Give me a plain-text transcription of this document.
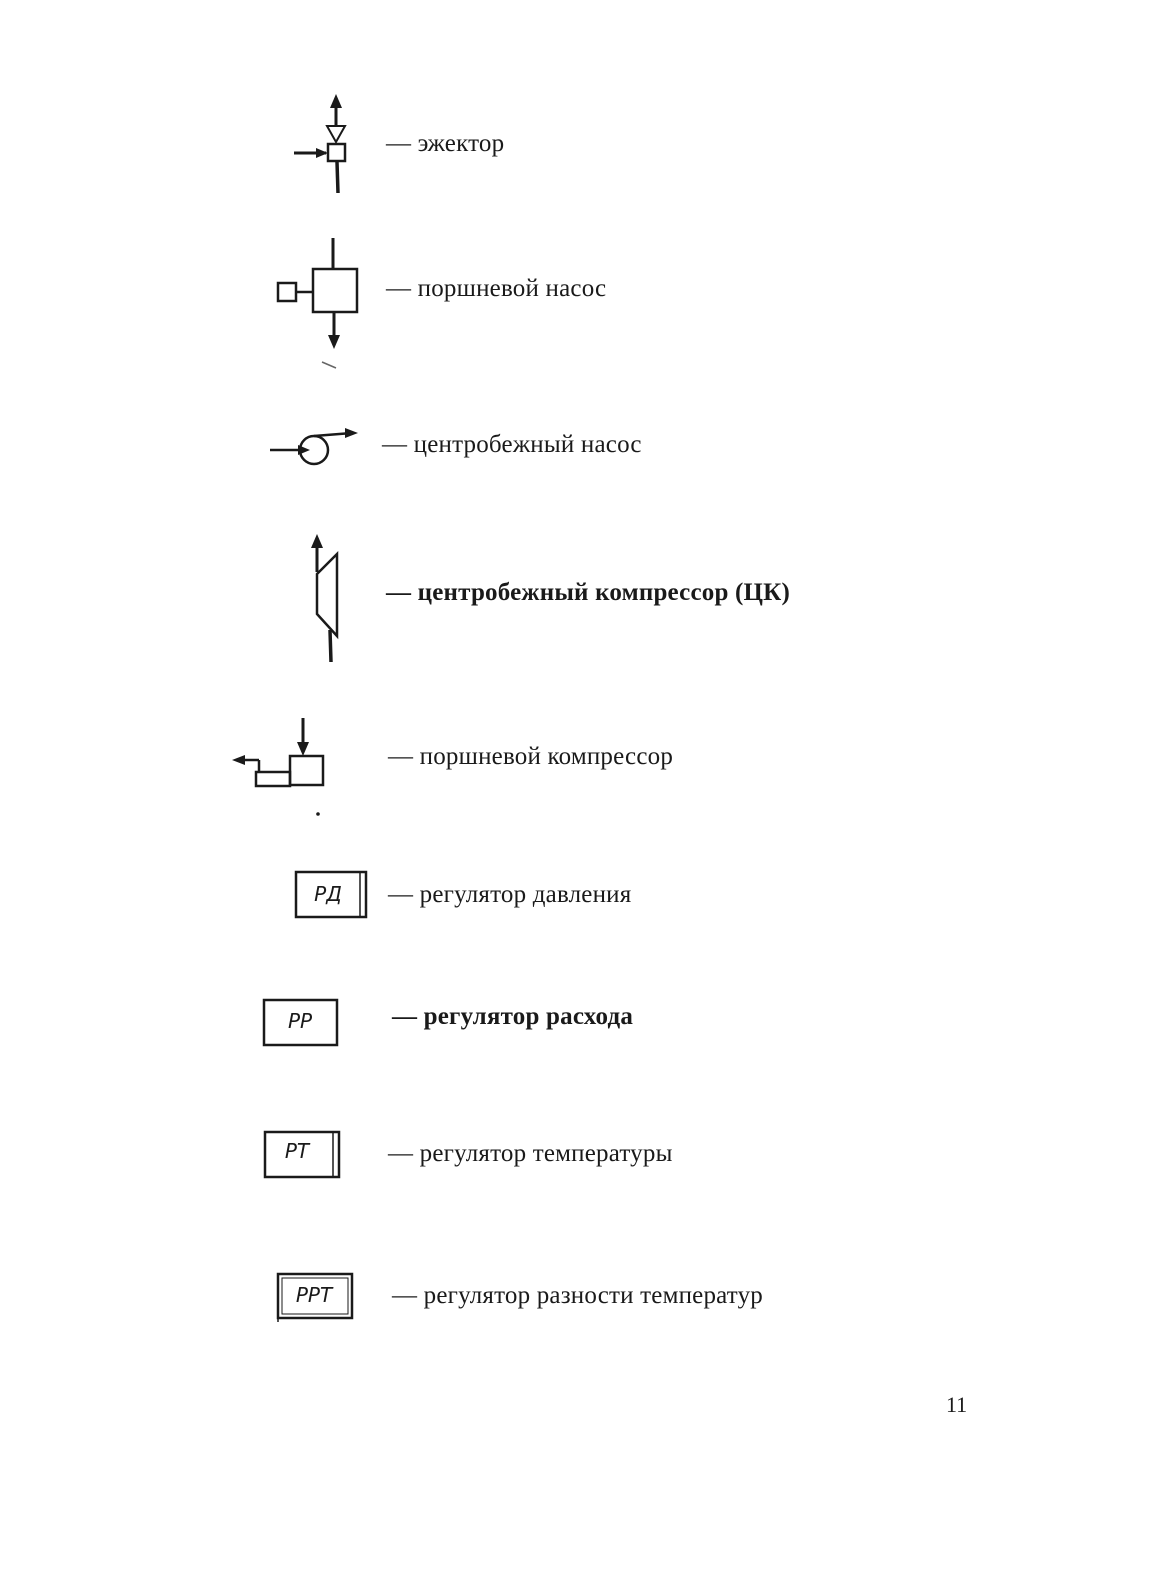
— эжектор
— поршневой насос
— центробежный насос
— центробежный компрессор (ЦК)
— поршневой компрессор
РД — регулятор давления
РР	— регулятор расхода
РТ	— регулятор температуры
РРТ — регулятор разности температур
11
